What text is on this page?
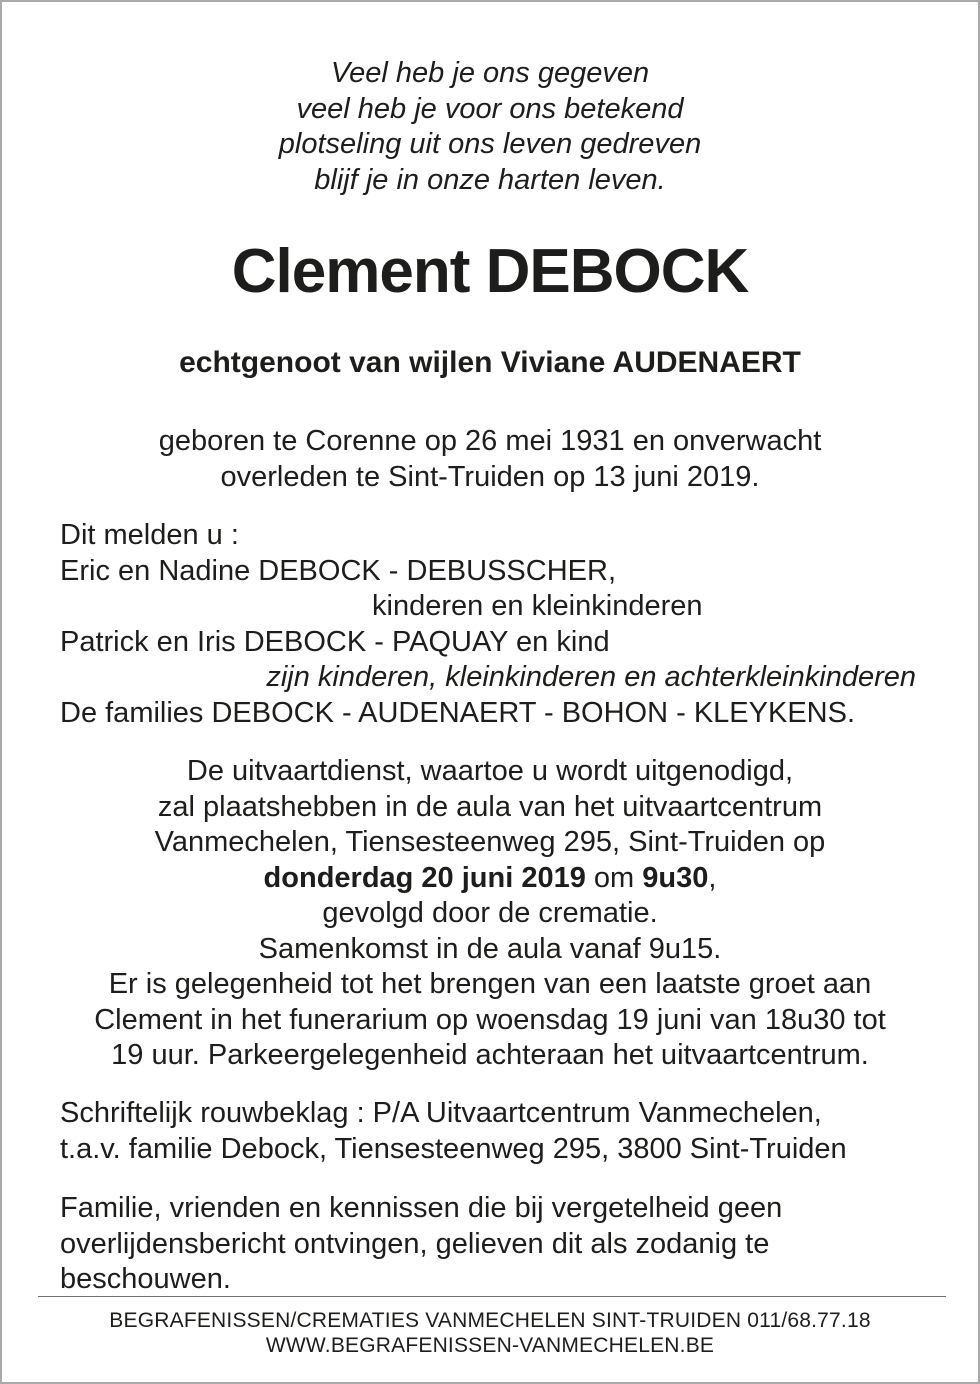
Veel heb je ons gegeven
veel heb je voor ons betekend
plotseling uit ons leven gedreven
blijf je in onze harten leven.
Clement DEBOCK
echtgenoot van wijlen Viviane AUDENAERT
geboren te Corenne op 26 mei 1931 en onverwacht
overleden te Sint-Truiden op 13 juni 2019.
Dit melden u :
Eric en Nadine DEBOCK - DEBUSSCHER,
kinderen en kleinkinderen
Patrick en Iris DEBOCK - PAQUAY en kind
zijn kinderen, kleinkinderen en achterkleinkinderen
De families DEBOCK - AUDENAERT - BOHON - KLEYKENS.
De uitvaartdienst, waartoe u wordt uitgenodigd,
zal plaatshebben in de aula van het uitvaartcentrum
Vanmechelen, Tiensesteenweg 295, Sint-Truiden op
donderdag 20 juni 2019 om 9u30,
gevolgd door de crematie.
Samenkomst in de aula vanaf 9u15.
Er is gelegenheid tot het brengen van een laatste groet aan
Clement in het funerarium op woensdag 19 juni van 18u30 tot
19 uur. Parkeergelegenheid achteraan het uitvaartcentrum.
Schriftelijk rouwbeklag : P/A Uitvaartcentrum Vanmechelen,
t.a.v. familie Debock, Tiensesteenweg 295, 3800 Sint-Truiden
Familie, vrienden en kennissen die bij vergetelheid geen
overlijdensbericht ontvingen, gelieven dit als zodanig te
beschouwen.
BEGRAFENISSEN/CREMATIES VANMECHELEN SINT-TRUIDEN 011/68.77.18
WWW.BEGRAFENISSEN-VANMECHELEN.BE
